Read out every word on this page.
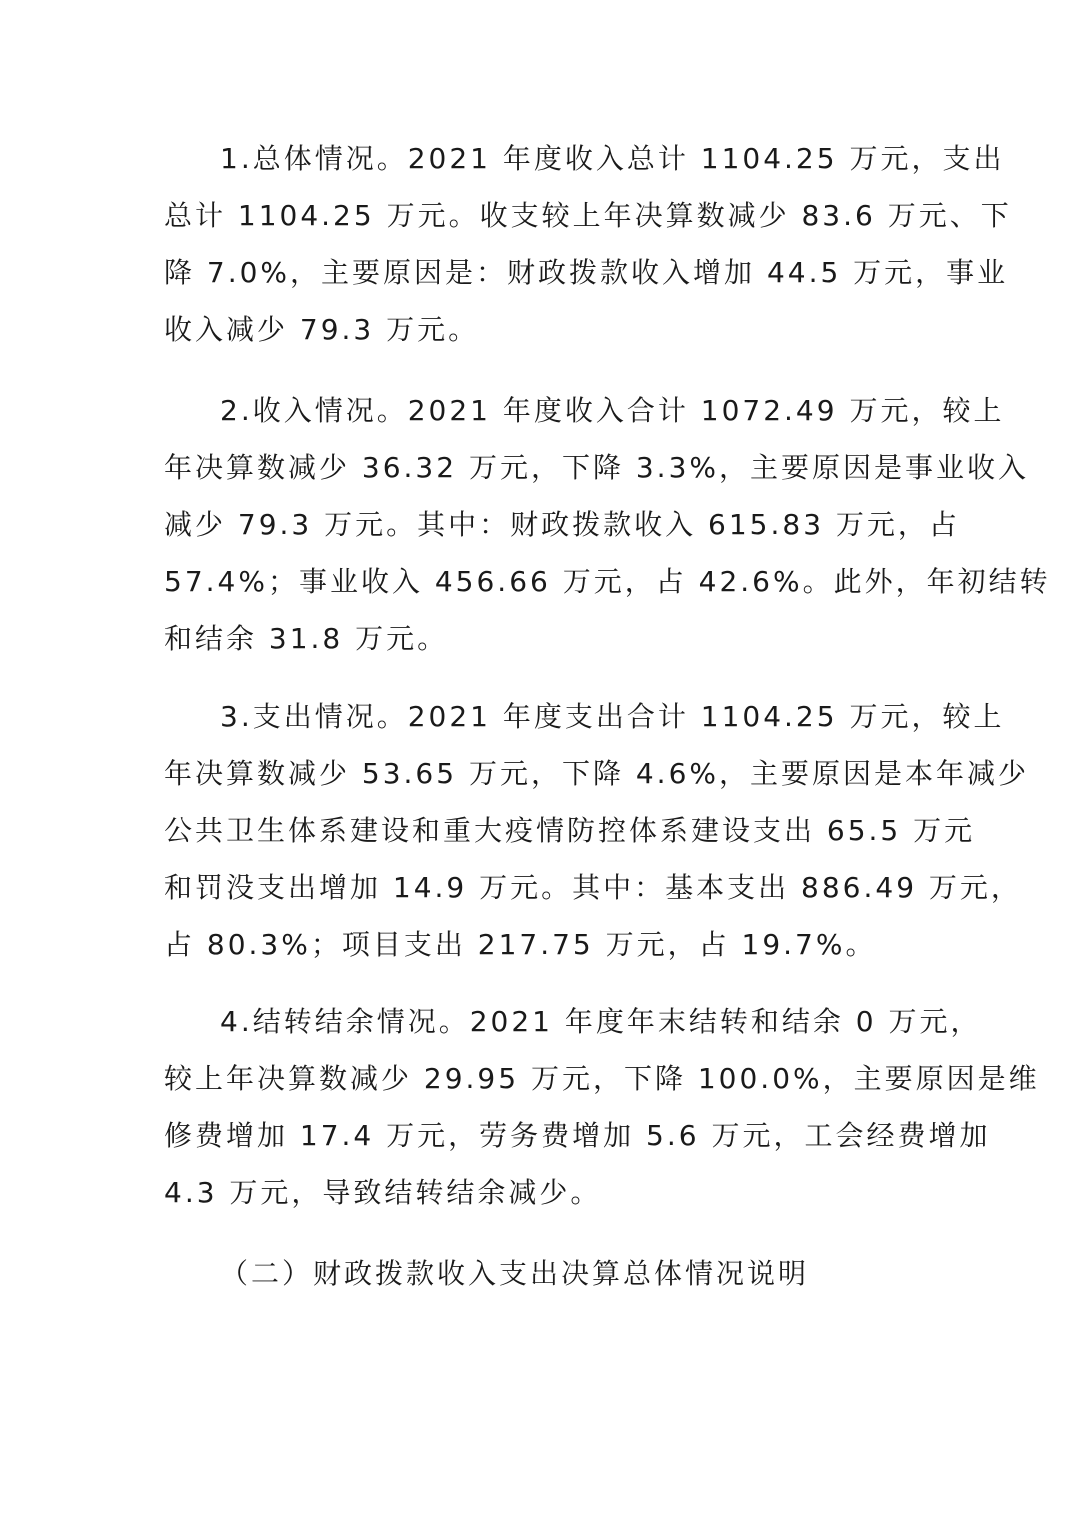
1.总体情况。2021 年度收入总计 1104.25 万元，支出
总计 1104.25 万元。收支较上年决算数减少 83.6 万元、下
降 7.0%，主要原因是：财政拨款收入增加 44.5 万元，事业
收入减少 79.3 万元。
2.收入情况。2021 年度收入合计 1072.49 万元，较上
年决算数减少 36.32 万元，下降 3.3%，主要原因是事业收入
减少 79.3 万元。其中：财政拨款收入 615.83 万元，占
57.4%；事业收入 456.66 万元，占 42.6%。此外，年初结转
和结余 31.8 万元。
3.支出情况。2021 年度支出合计 1104.25 万元，较上
年决算数减少 53.65 万元，下降 4.6%，主要原因是本年减少
公共卫生体系建设和重大疫情防控体系建设支出 65.5 万元
和罚没支出增加 14.9 万元。其中：基本支出 886.49 万元，
占 80.3%；项目支出 217.75 万元，占 19.7%。
4.结转结余情况。2021 年度年末结转和结余 0 万元，
较上年决算数减少 29.95 万元，下降 100.0%，主要原因是维
修费增加 17.4 万元，劳务费增加 5.6 万元，工会经费增加
4.3 万元，导致结转结余减少。
（二）财政拨款收入支出决算总体情况说明
